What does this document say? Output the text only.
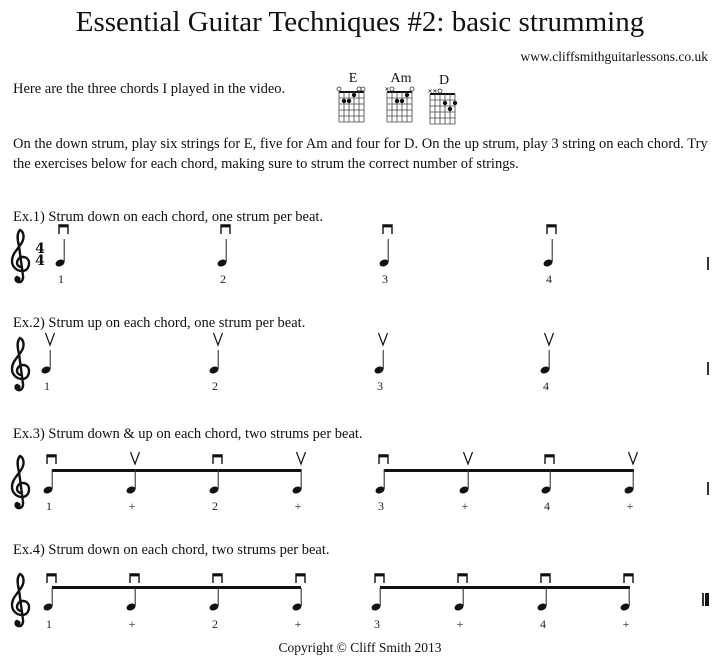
Essential Guitar Techniques #2: basic strumming
www.cliffsmithguitarlessons.co.uk
Here are the three chords I played in the video.
E	Am	D
On the down strum, play six strings for E, five for Am and four for D. On the up strum, play 3 string on each chord. Try the exercises below for each chord, making sure to strum the correct number of strings.
Ex.1) Strum down on each chord, one strum per beat.
4
4
1	2	3	4
Ex.2) Strum up on each chord, one strum per beat.
1	2	3	4
Ex.3) Strum down & up on each chord, two strums per beat.
1	+	2	+	3	+	4	+
Ex.4) Strum down on each chord, two strums per beat.
1	+	2	+	3	+	4	+
Copyright © Cliff Smith 2013
